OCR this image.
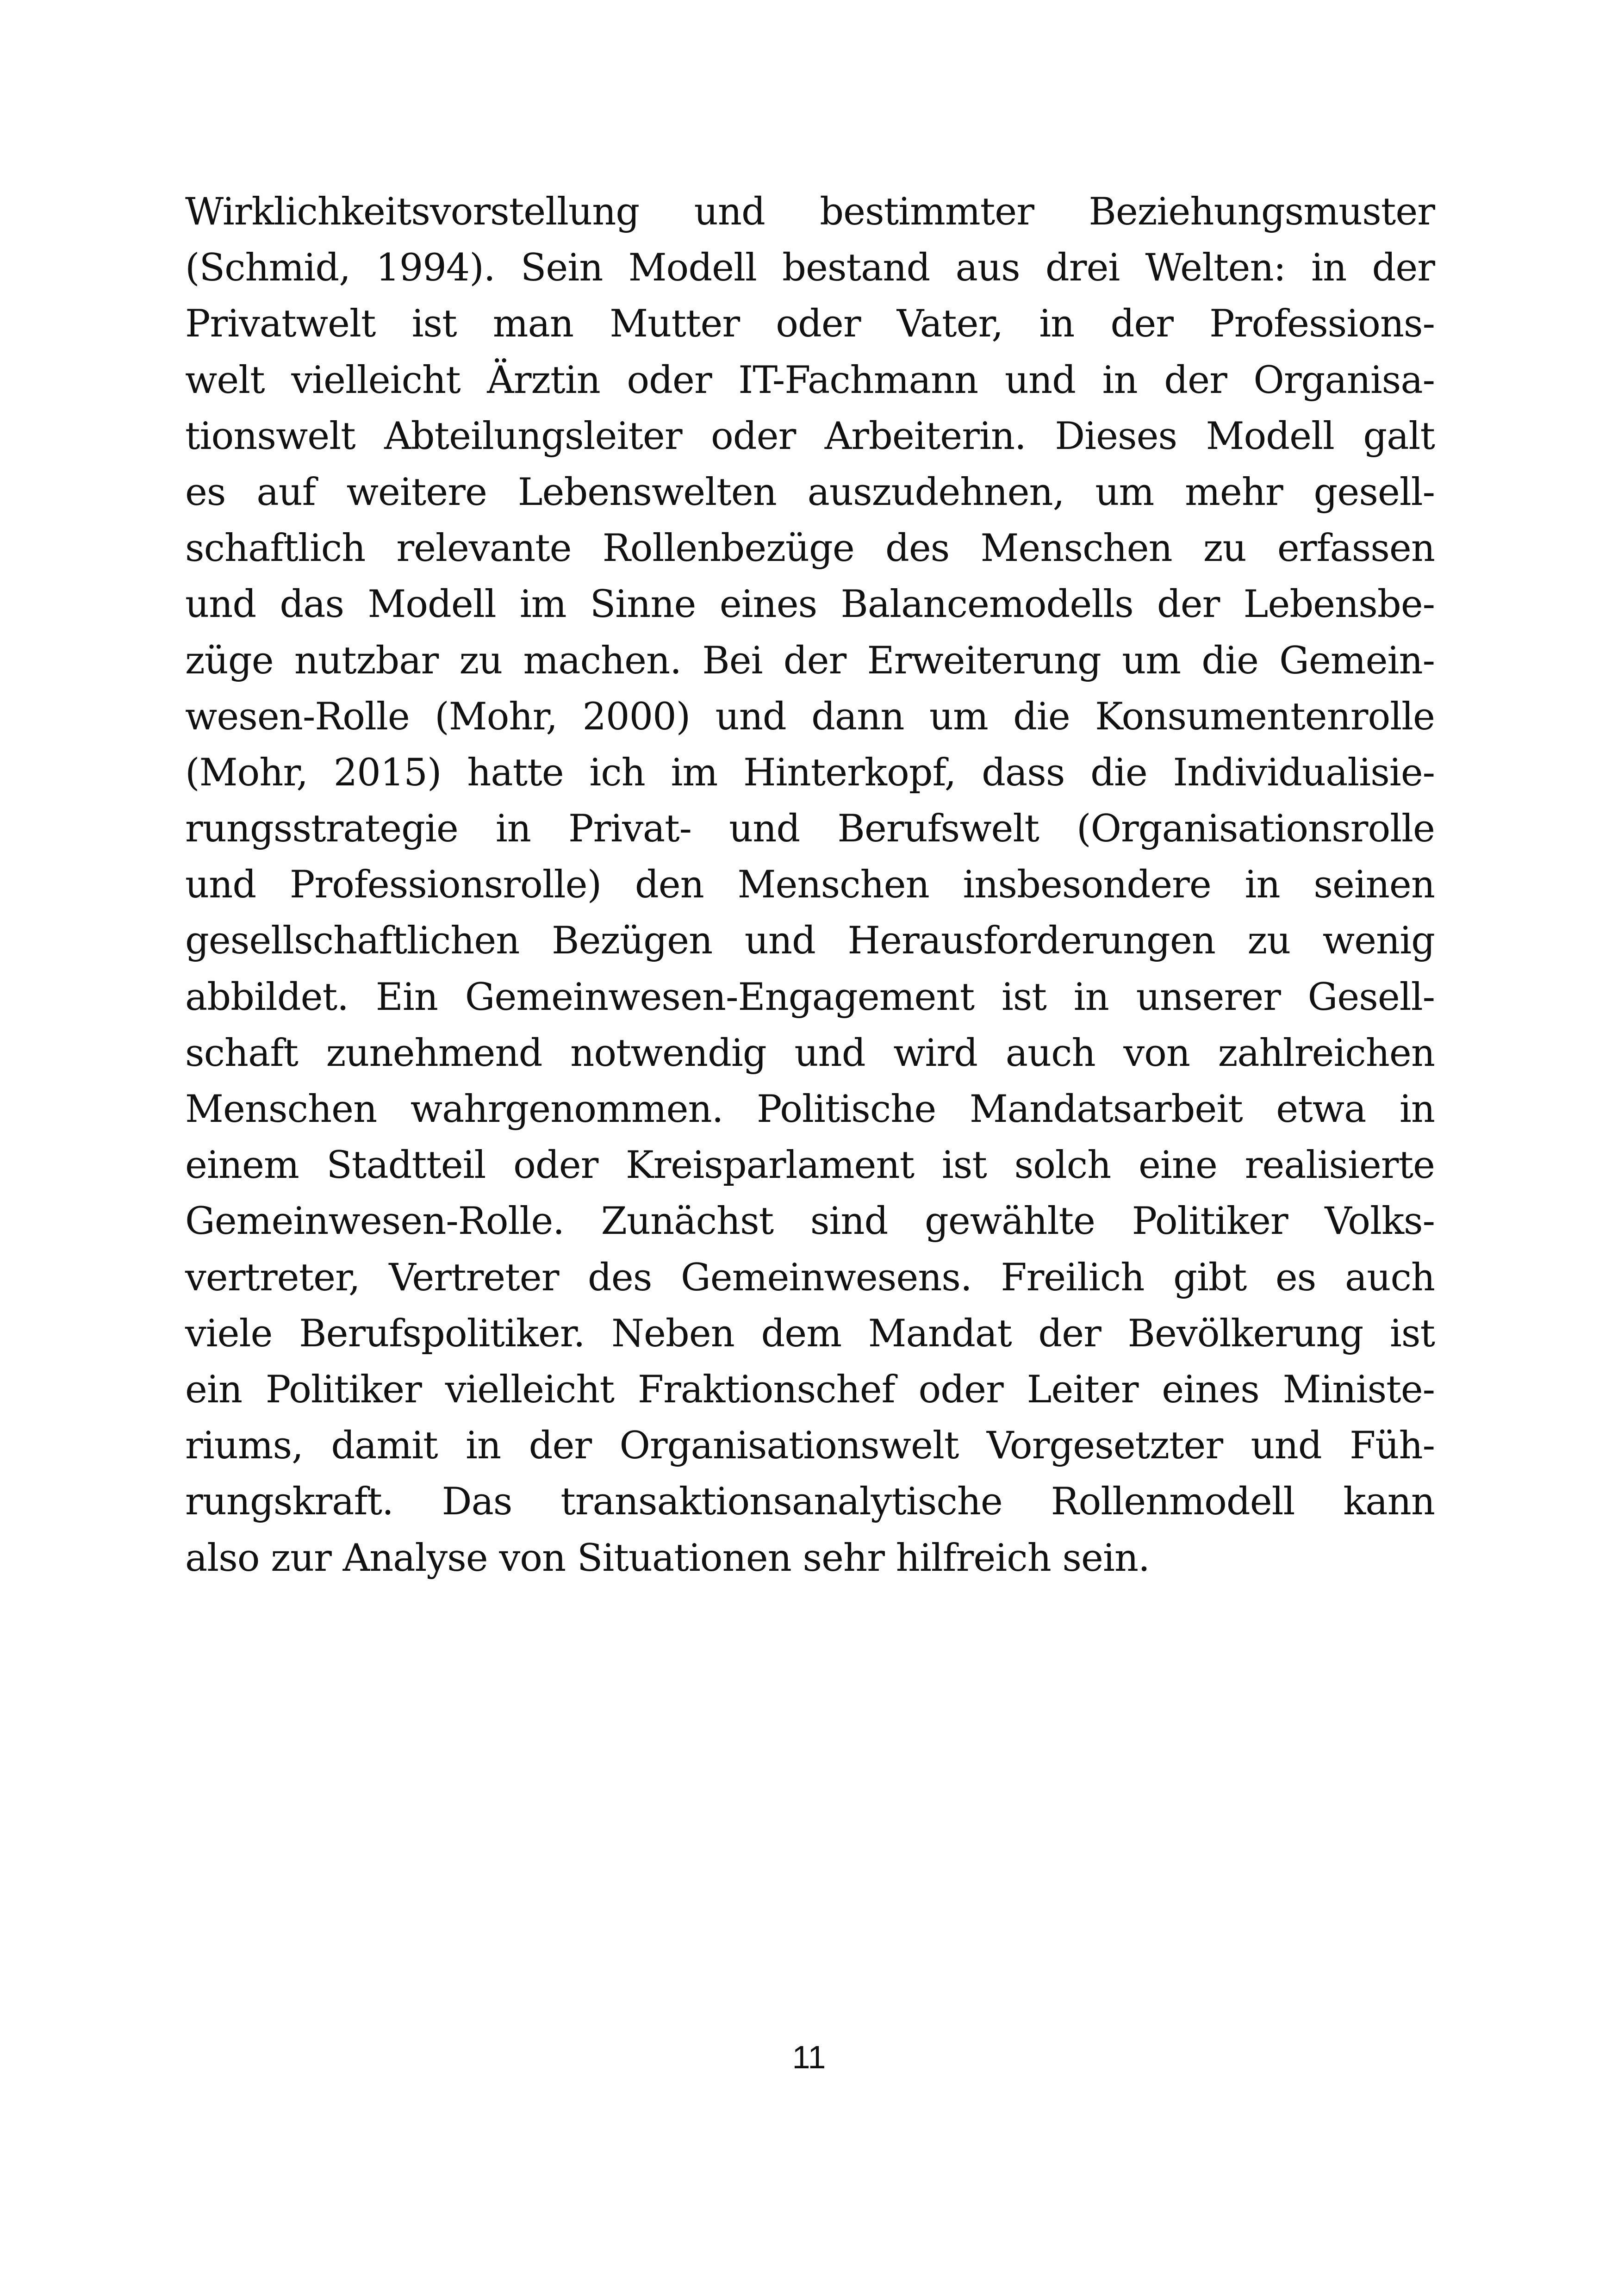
Wirklichkeitsvorstellung und bestimmter Beziehungsmuster
(Schmid, 1994). Sein Modell bestand aus drei Welten: in der
Privatwelt ist man Mutter oder Vater, in der Professions-
welt vielleicht Ärztin oder IT-Fachmann und in der Organisa-
tionswelt Abteilungsleiter oder Arbeiterin. Dieses Modell galt
es auf weitere Lebenswelten auszudehnen, um mehr gesell-
schaftlich relevante Rollenbezüge des Menschen zu erfassen
und das Modell im Sinne eines Balancemodells der Lebensbe-
züge nutzbar zu machen. Bei der Erweiterung um die Gemein-
wesen-Rolle (Mohr, 2000) und dann um die Konsumentenrolle
(Mohr, 2015) hatte ich im Hinterkopf, dass die Individualisie-
rungsstrategie in Privat- und Berufswelt (Organisationsrolle
und Professionsrolle) den Menschen insbesondere in seinen
gesellschaftlichen Bezügen und Herausforderungen zu wenig
abbildet. Ein Gemeinwesen-Engagement ist in unserer Gesell-
schaft zunehmend notwendig und wird auch von zahlreichen
Menschen wahrgenommen. Politische Mandatsarbeit etwa in
einem Stadtteil oder Kreisparlament ist solch eine realisierte
Gemeinwesen-Rolle. Zunächst sind gewählte Politiker Volks-
vertreter, Vertreter des Gemeinwesens. Freilich gibt es auch
viele Berufspolitiker. Neben dem Mandat der Bevölkerung ist
ein Politiker vielleicht Fraktionschef oder Leiter eines Ministe-
riums, damit in der Organisationswelt Vorgesetzter und Füh-
rungskraft. Das transaktionsanalytische Rollenmodell kann
also zur Analyse von Situationen sehr hilfreich sein.
11
